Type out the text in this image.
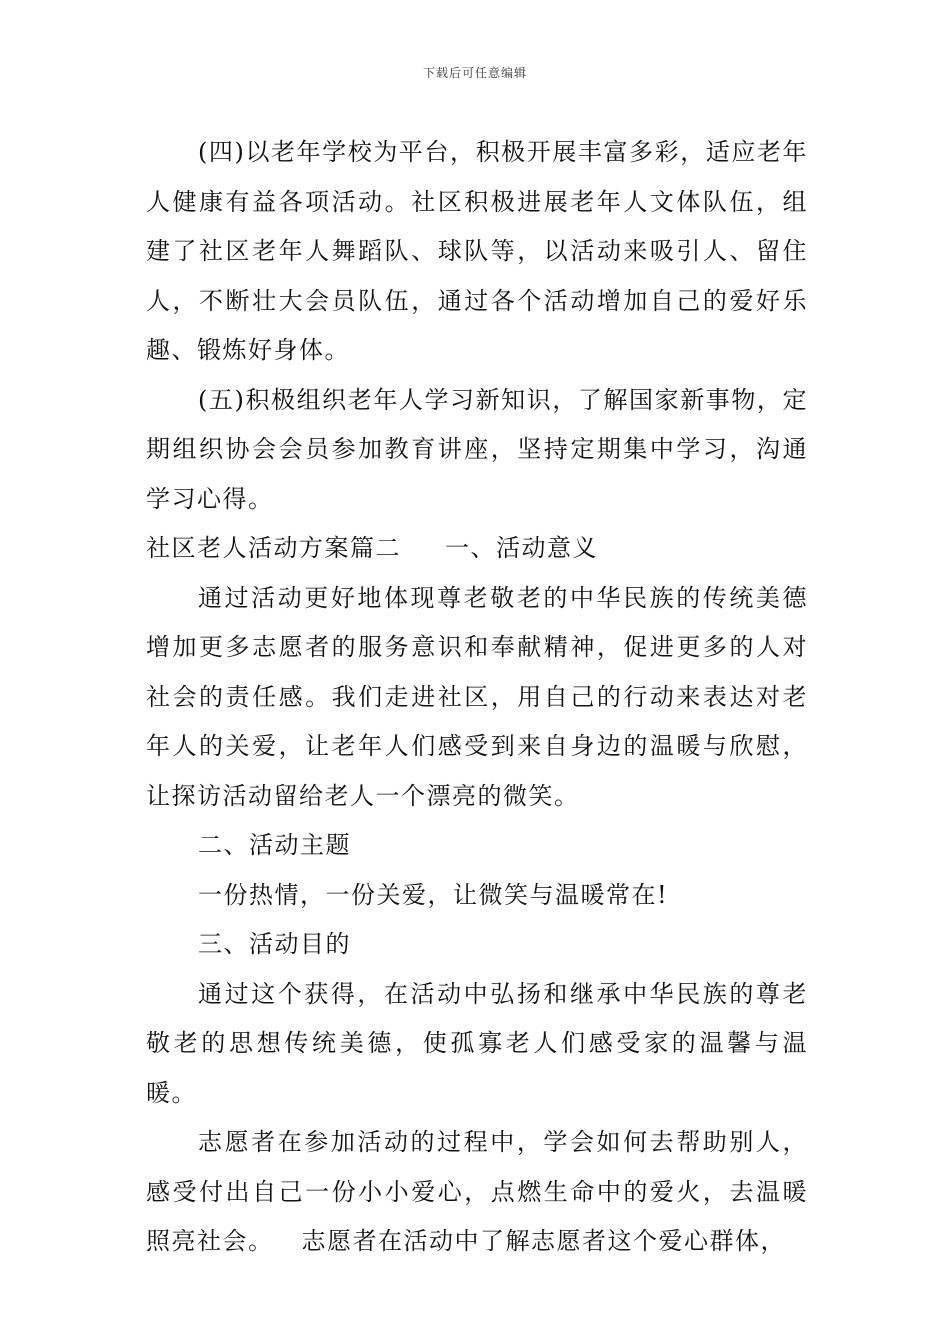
下载后可任意编辑

(四)以老年学校为平台，积极开展丰富多彩，适应老年人健康有益各项活动。社区积极进展老年人文体队伍，组建了社区老年人舞蹈队、球队等，以活动来吸引人、留住人，不断壮大会员队伍，通过各个活动增加自己的爱好乐趣、锻炼好身体。

(五)积极组织老年人学习新知识，了解国家新事物，定期组织协会会员参加教育讲座，坚持定期集中学习，沟通学习心得。

社区老人活动方案篇二 一、活动意义

通过活动更好地体现尊老敬老的中华民族的传统美德增加更多志愿者的服务意识和奉献精神，促进更多的人对社会的责任感。我们走进社区，用自己的行动来表达对老年人的关爱，让老年人们感受到来自身边的温暖与欣慰，让探访活动留给老人一个漂亮的微笑。

二、活动主题

一份热情，一份关爱，让微笑与温暖常在!

三、活动目的

通过这个获得，在活动中弘扬和继承中华民族的尊老敬老的思想传统美德，使孤寡老人们感受家的温馨与温暖。

志愿者在参加活动的过程中，学会如何去帮助别人，感受付出自己一份小小爱心，点燃生命中的爱火，去温暖照亮社会。 志愿者在活动中了解志愿者这个爱心群体，
